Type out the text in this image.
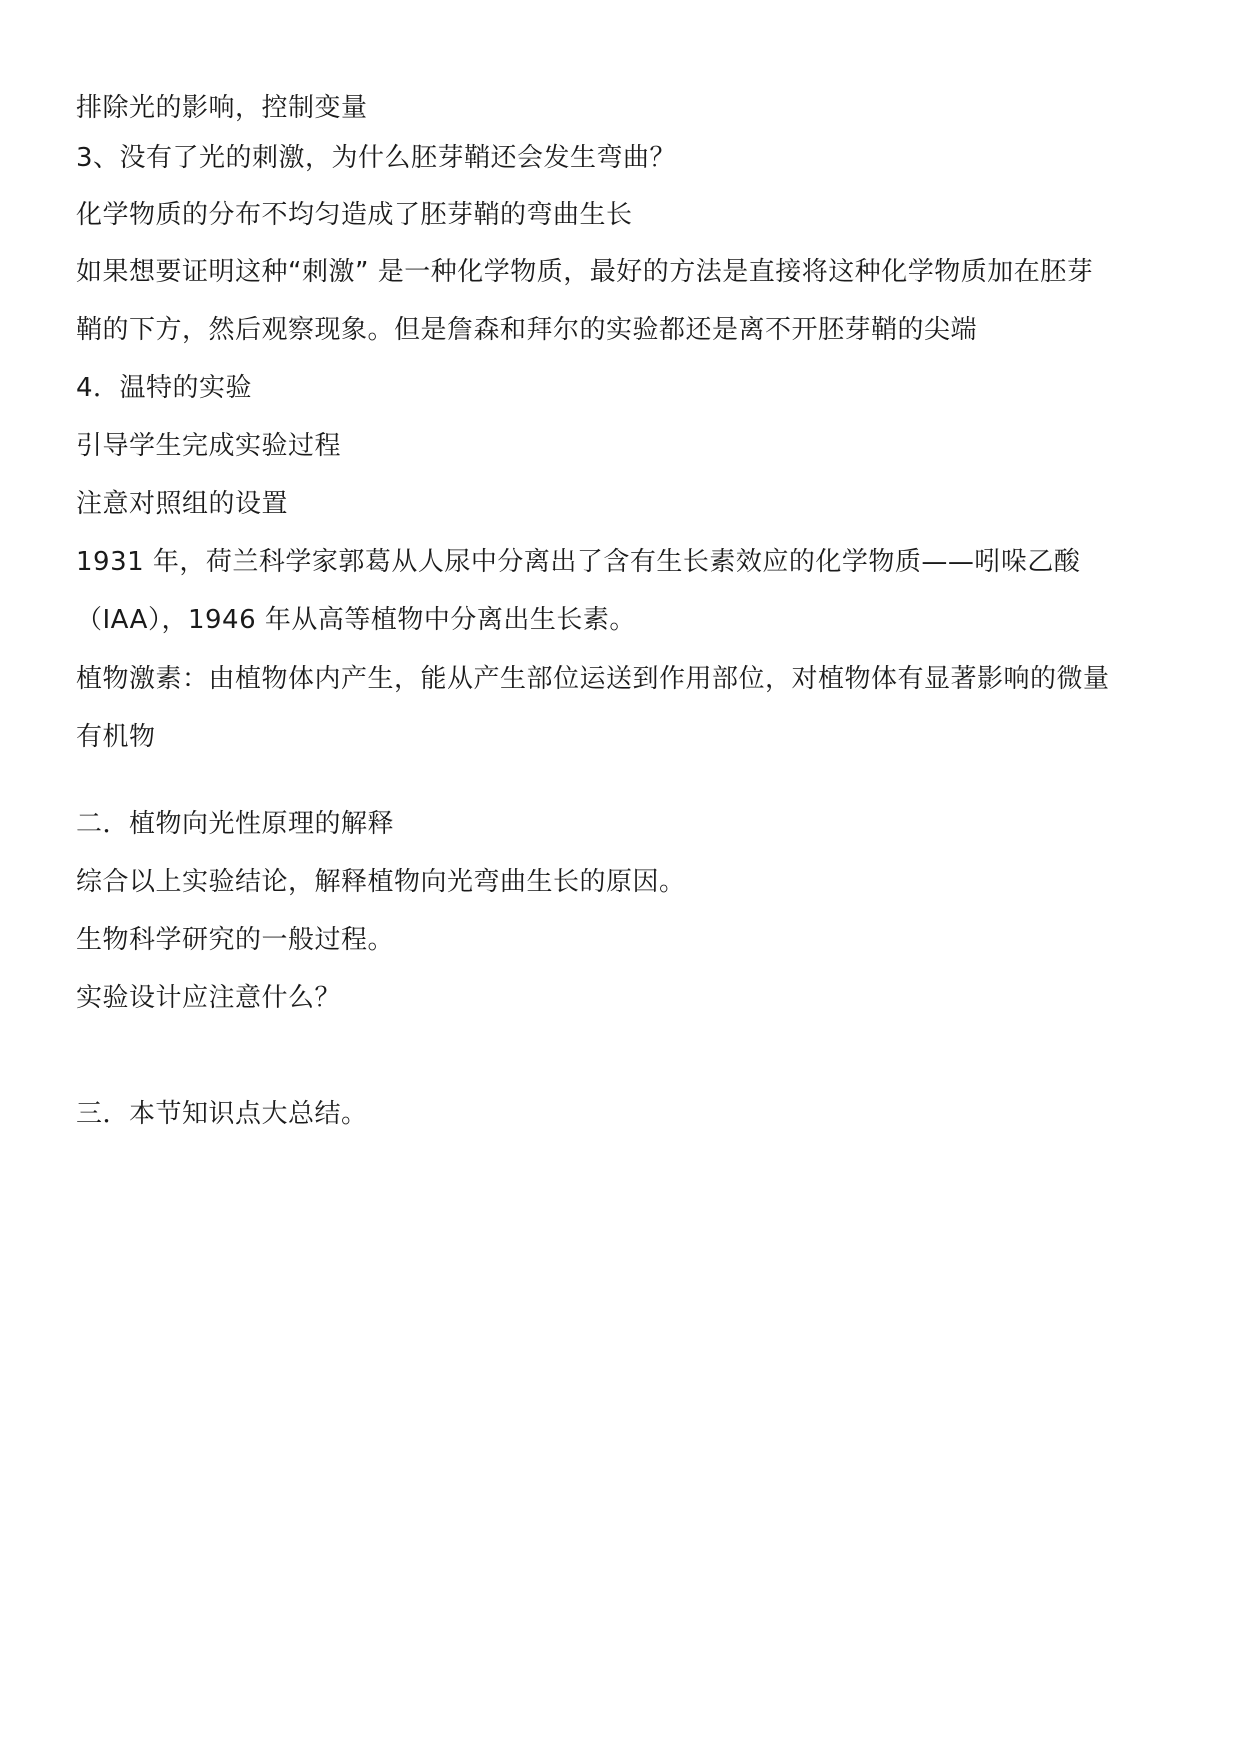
排除光的影响，控制变量
3、没有了光的刺激，为什么胚芽鞘还会发生弯曲？
化学物质的分布不均匀造成了胚芽鞘的弯曲生长
如果想要证明这种“刺激” 是一种化学物质，最好的方法是直接将这种化学物质加在胚芽
鞘的下方，然后观察现象。但是詹森和拜尔的实验都还是离不开胚芽鞘的尖端
4．温特的实验
引导学生完成实验过程
注意对照组的设置
1931 年，荷兰科学家郭葛从人尿中分离出了含有生长素效应的化学物质——吲哚乙酸
（IAA），1946 年从高等植物中分离出生长素。
植物激素：由植物体内产生，能从产生部位运送到作用部位，对植物体有显著影响的微量
有机物
二．植物向光性原理的解释
综合以上实验结论，解释植物向光弯曲生长的原因。
生物科学研究的一般过程。
实验设计应注意什么？
三．本节知识点大总结。
